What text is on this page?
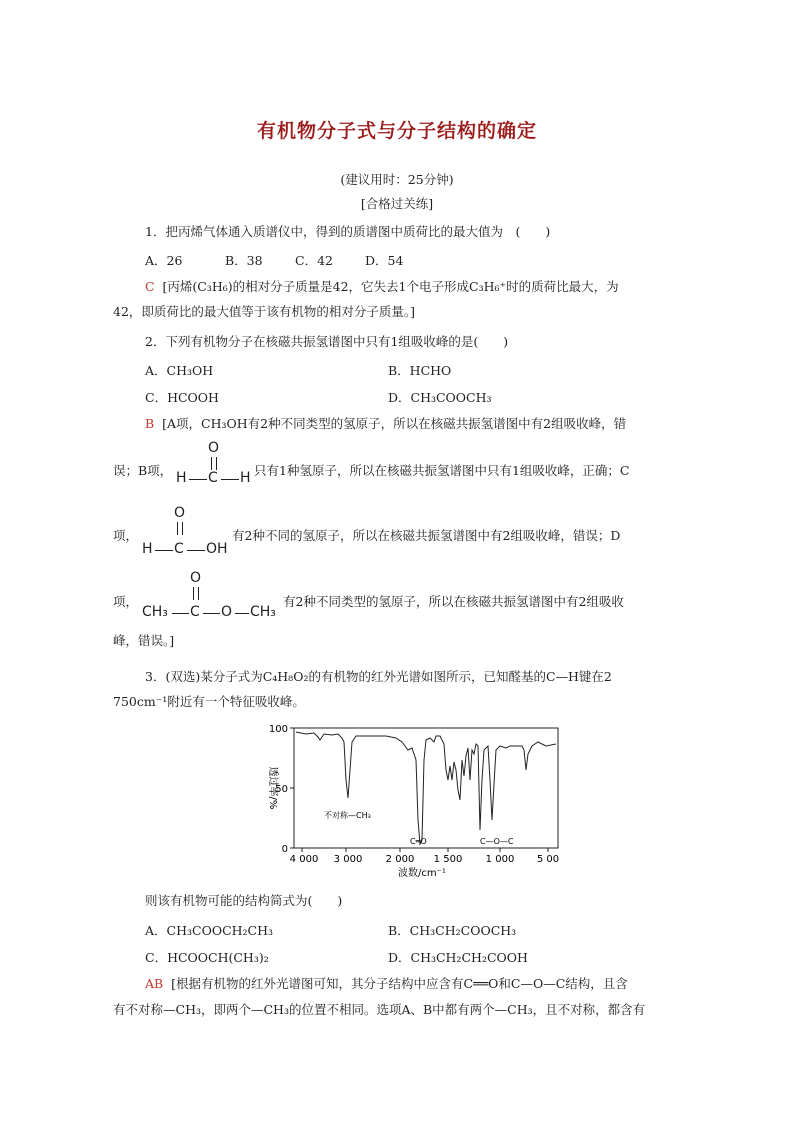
有机物分子式与分子结构的确定
(建议用时：25分钟)
[合格过关练]
1．把丙烯气体通入质谱仪中，得到的质谱图中质荷比的最大值为　(　　)
A．26	B．38	C．42	D．54
C [丙烯(C₃H₆)的相对分子质量是42，它失去1个电子形成C₃H₆⁺时的质荷比最大，为
42，即质荷比的最大值等于该有机物的相对分子质量。]
2．下列有机物分子在核磁共振氢谱图中只有1组吸收峰的是(　　)
A．CH₃OH	B．HCHO
C．HCOOH	D．CH₃COOCH₃
B [A项，CH₃OH有2种不同类型的氢原子，所以在核磁共振氢谱图中有2组吸收峰，错
误；B项，
O
H C H 只有1种氢原子，所以在核磁共振氢谱图中只有1组吸收峰，正确；C
项，
O
H C OH
有2种不同的氢原子，所以在核磁共振氢谱图中有2组吸收峰，错误；D
项，
O
CH₃ C O CH₃
有2种不同类型的氢原子，所以在核磁共振氢谱图中有2组吸收
峰，错误。]
3．(双选)某分子式为C₄H₈O₂的有机物的红外光谱如图所示，已知醛基的C—H键在2
750cm⁻¹附近有一个特征吸收峰。
100
50
0
透过率/%
4 000 3 000 2 000 1 500 1 000 5 00
波数/cm⁻¹
不对称—CH₃
C═O	C—O—C
则该有机物可能的结构简式为(　　)
A．CH₃COOCH₂CH₃	B．CH₃CH₂COOCH₃
C．HCOOCH(CH₃)₂	D．CH₃CH₂CH₂COOH
AB [根据有机物的红外光谱图可知，其分子结构中应含有C══O和C—O—C结构，且含
有不对称—CH₃，即两个—CH₃的位置不相同。选项A、B中都有两个—CH₃，且不对称，都含有
